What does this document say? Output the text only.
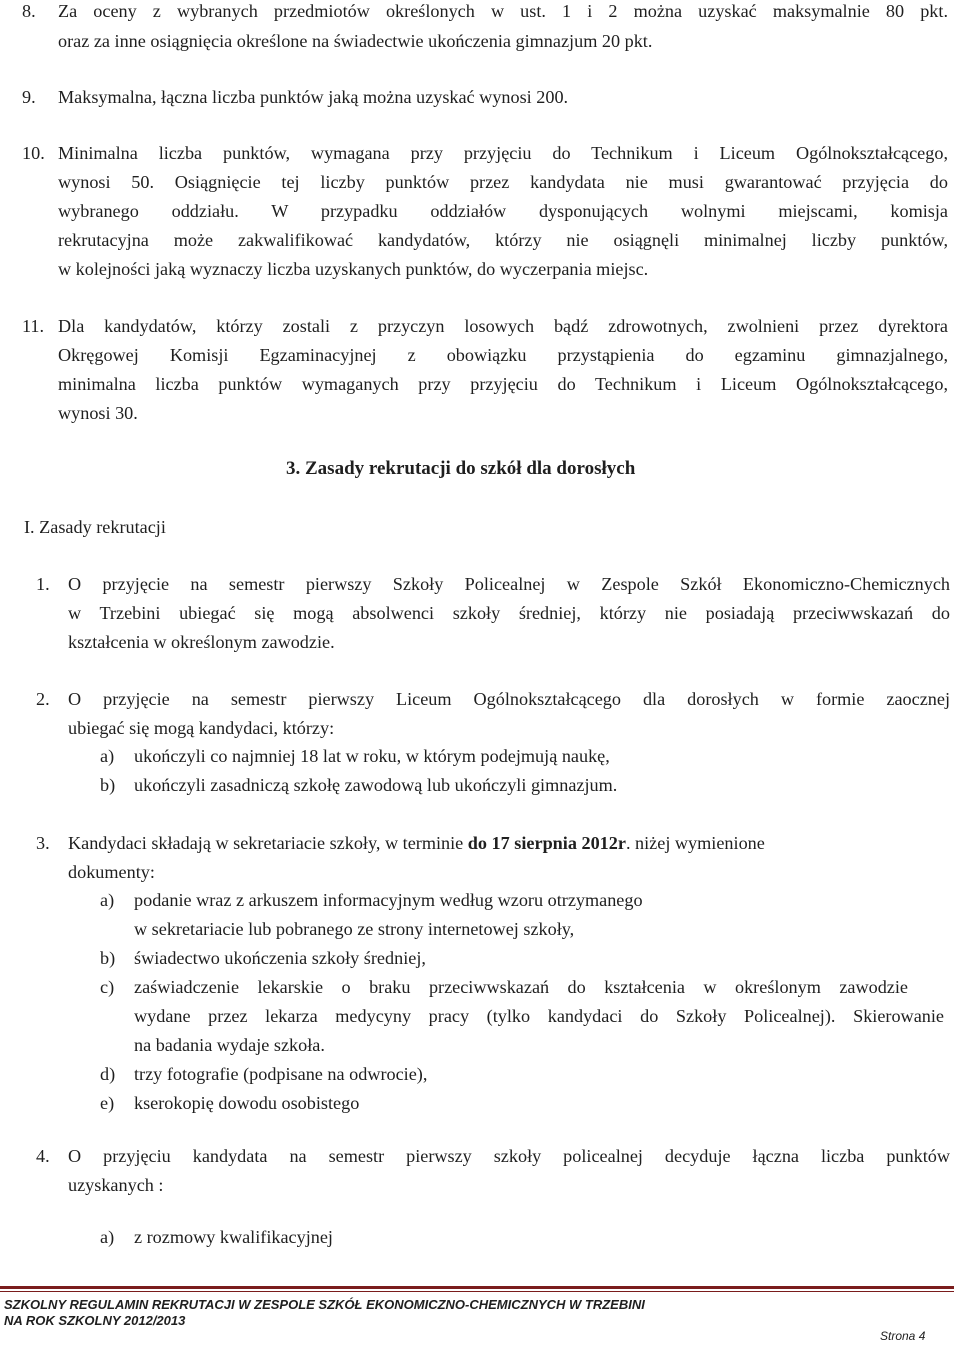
8. Za oceny z wybranych przedmiotów określonych w ust. 1 i 2 można uzyskać maksymalnie 80 pkt.
oraz za inne osiągnięcia określone na świadectwie ukończenia gimnazjum 20 pkt.
9. Maksymalna, łączna liczba punktów jaką można uzyskać wynosi 200.
10. Minimalna liczba punktów, wymagana przy przyjęciu do Technikum i Liceum Ogólnokształcącego,
wynosi 50. Osiągnięcie tej liczby punktów przez kandydata nie musi gwarantować przyjęcia do
wybranego oddziału. W przypadku oddziałów dysponujących wolnymi miejscami, komisja
rekrutacyjna może zakwalifikować kandydatów, którzy nie osiągnęli minimalnej liczby punktów,
w kolejności jaką wyznaczy liczba uzyskanych punktów, do wyczerpania miejsc.
11. Dla kandydatów, którzy zostali z przyczyn losowych bądź zdrowotnych, zwolnieni przez dyrektora
Okręgowej Komisji Egzaminacyjnej z obowiązku przystąpienia do egzaminu gimnazjalnego,
minimalna liczba punktów wymaganych przy przyjęciu do Technikum i Liceum Ogólnokształcącego,
wynosi 30.
3. Zasady rekrutacji do szkół dla dorosłych
I. Zasady rekrutacji
1. O przyjęcie na semestr pierwszy Szkoły Policealnej w Zespole Szkół Ekonomiczno-Chemicznych
w Trzebini ubiegać się mogą absolwenci szkoły średniej, którzy nie posiadają przeciwwskazań do
kształcenia w określonym zawodzie.
2. O przyjęcie na semestr pierwszy Liceum Ogólnokształcącego dla dorosłych w formie zaocznej
ubiegać się mogą kandydaci, którzy:
a) ukończyli co najmniej 18 lat w roku, w którym podejmują naukę,
b) ukończyli zasadniczą szkołę zawodową lub ukończyli gimnazjum.
3. Kandydaci składają w sekretariacie szkoły, w terminie do 17 sierpnia 2012r. niżej wymienione
dokumenty:
a) podanie wraz z arkuszem informacyjnym według wzoru otrzymanego
w sekretariacie lub pobranego ze strony internetowej szkoły,
b) świadectwo ukończenia szkoły średniej,
c) zaświadczenie lekarskie o braku przeciwwskazań do kształcenia w określonym zawodzie
wydane przez lekarza medycyny pracy (tylko kandydaci do Szkoły Policealnej). Skierowanie
na badania wydaje szkoła.
d) trzy fotografie (podpisane na odwrocie),
e) kserokopię dowodu osobistego
4. O przyjęciu kandydata na semestr pierwszy szkoły policealnej decyduje łączna liczba punktów
uzyskanych :
a) z rozmowy kwalifikacyjnej
SZKOLNY REGULAMIN REKRUTACJI W ZESPOLE SZKÓŁ EKONOMICZNO-CHEMICZNYCH W TRZEBINI
NA ROK SZKOLNY 2012/2013
Strona 4
